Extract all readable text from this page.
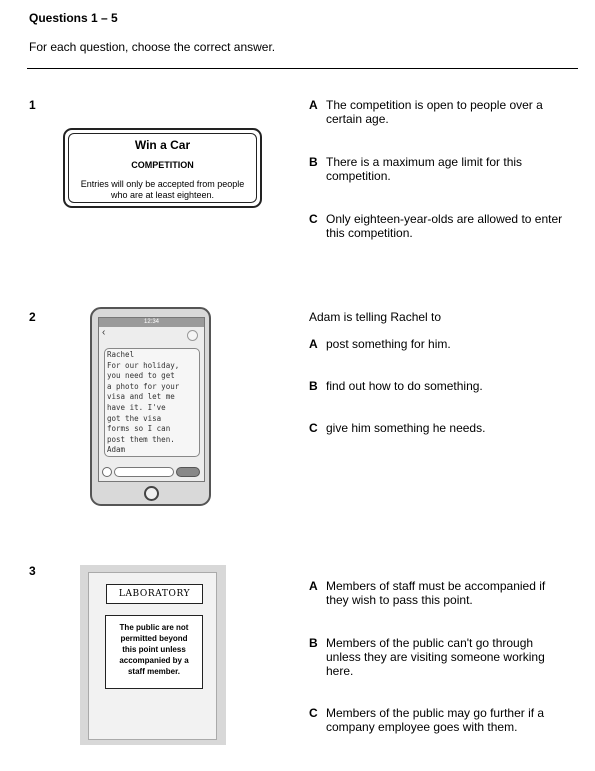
Questions 1 – 5
For each question, choose the correct answer.
1
Win a Car
COMPETITION
Entries will only be accepted from people
who are at least eighteen.
A The competition is open to people over a certain age.
B There is a maximum age limit for this competition.
C Only eighteen-year-olds are allowed to enter this competition.
2	12:34
‹
Rachel
For our holiday,
you need to get
a photo for your
visa and let me
have it. I've
got the visa
forms so I can
post them then.
Adam
Adam is telling Rachel to
A post something for him.
B find out how to do something.
C give him something he needs.
3
LABORATORY
The public are not
permitted beyond
this point unless
accompanied by a
staff member.
A Members of staff must be accompanied if they wish to pass this point.
B Members of the public can't go through unless they are visiting someone working here.
C Members of the public may go further if a company employee goes with them.
